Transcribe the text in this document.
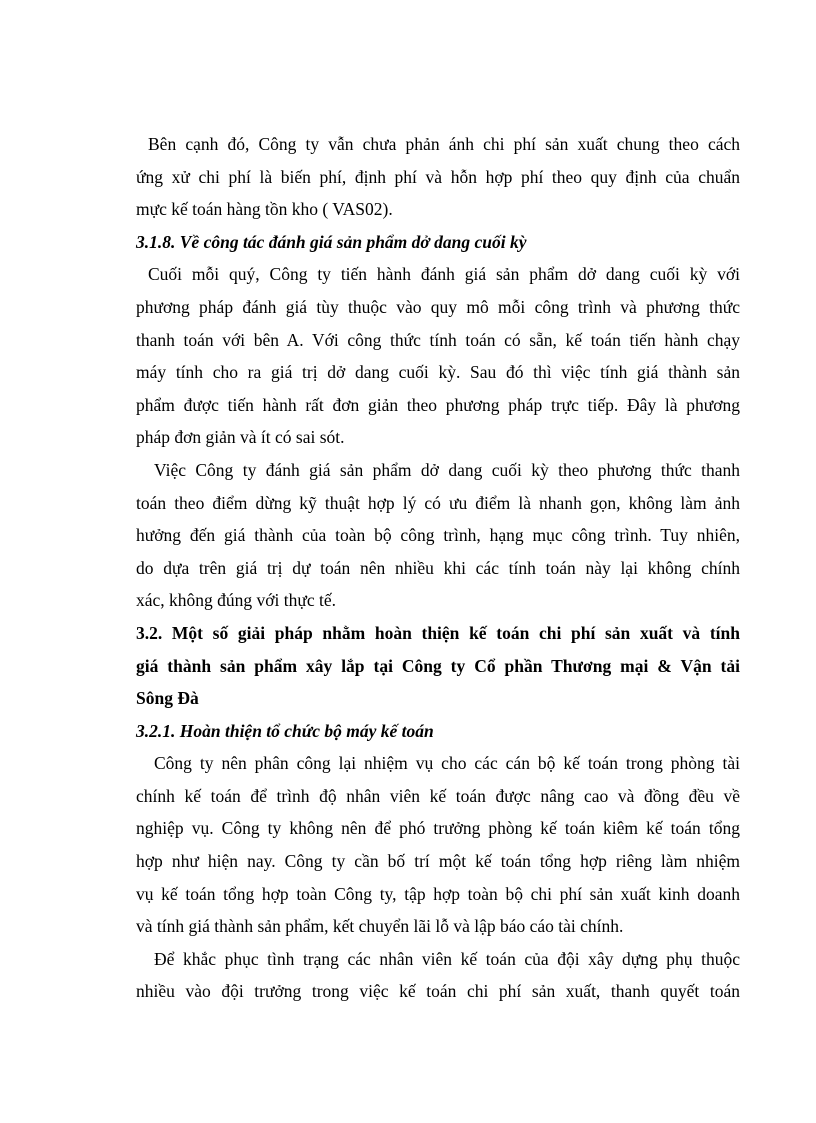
Bên cạnh đó, Công ty vẫn chưa phản ánh chi phí sản xuất chung theo cách
ứng xử chi phí là biến phí, định phí và hỗn hợp phí theo quy định của chuẩn
mực kế toán hàng tồn kho ( VAS02).
3.1.8. Về công tác đánh giá sản phẩm dở dang cuối kỳ
Cuối mỗi quý, Công ty tiến hành đánh giá sản phẩm dở dang cuối kỳ với
phương pháp đánh giá tùy thuộc vào quy mô mỗi công trình và phương thức
thanh toán với bên A. Với công thức tính toán có sẵn, kế toán tiến hành chạy
máy tính cho ra giá trị dở dang cuối kỳ. Sau đó thì việc tính giá thành sản
phẩm được tiến hành rất đơn giản theo phương pháp trực tiếp. Đây là phương
pháp đơn giản và ít có sai sót.
Việc Công ty đánh giá sản phẩm dở dang cuối kỳ theo phương thức thanh
toán theo điểm dừng kỹ thuật hợp lý có ưu điểm là nhanh gọn, không làm ảnh
hưởng đến giá thành của toàn bộ công trình, hạng mục công trình. Tuy nhiên,
do dựa trên giá trị dự toán nên nhiều khi các tính toán này lại không chính
xác, không đúng với thực tế.
3.2. Một số giải pháp nhằm hoàn thiện kế toán chi phí sản xuất và tính
giá thành sản phẩm xây lắp tại Công ty Cổ phần Thương mại & Vận tải
Sông Đà
3.2.1. Hoàn thiện tổ chức bộ máy kế toán
Công ty nên phân công lại nhiệm vụ cho các cán bộ kế toán trong phòng tài
chính kế toán để trình độ nhân viên kế toán được nâng cao và đồng đều về
nghiệp vụ. Công ty không nên để phó trưởng phòng kế toán kiêm kế toán tổng
hợp như hiện nay. Công ty cần bố trí một kế toán tổng hợp riêng làm nhiệm
vụ kế toán tổng hợp toàn Công ty, tập hợp toàn bộ chi phí sản xuất kinh doanh
và tính giá thành sản phẩm, kết chuyển lãi lỗ và lập báo cáo tài chính.
Để khắc phục tình trạng các nhân viên kế toán của đội xây dựng phụ thuộc
nhiều vào đội trưởng trong việc kế toán chi phí sản xuất, thanh quyết toán
